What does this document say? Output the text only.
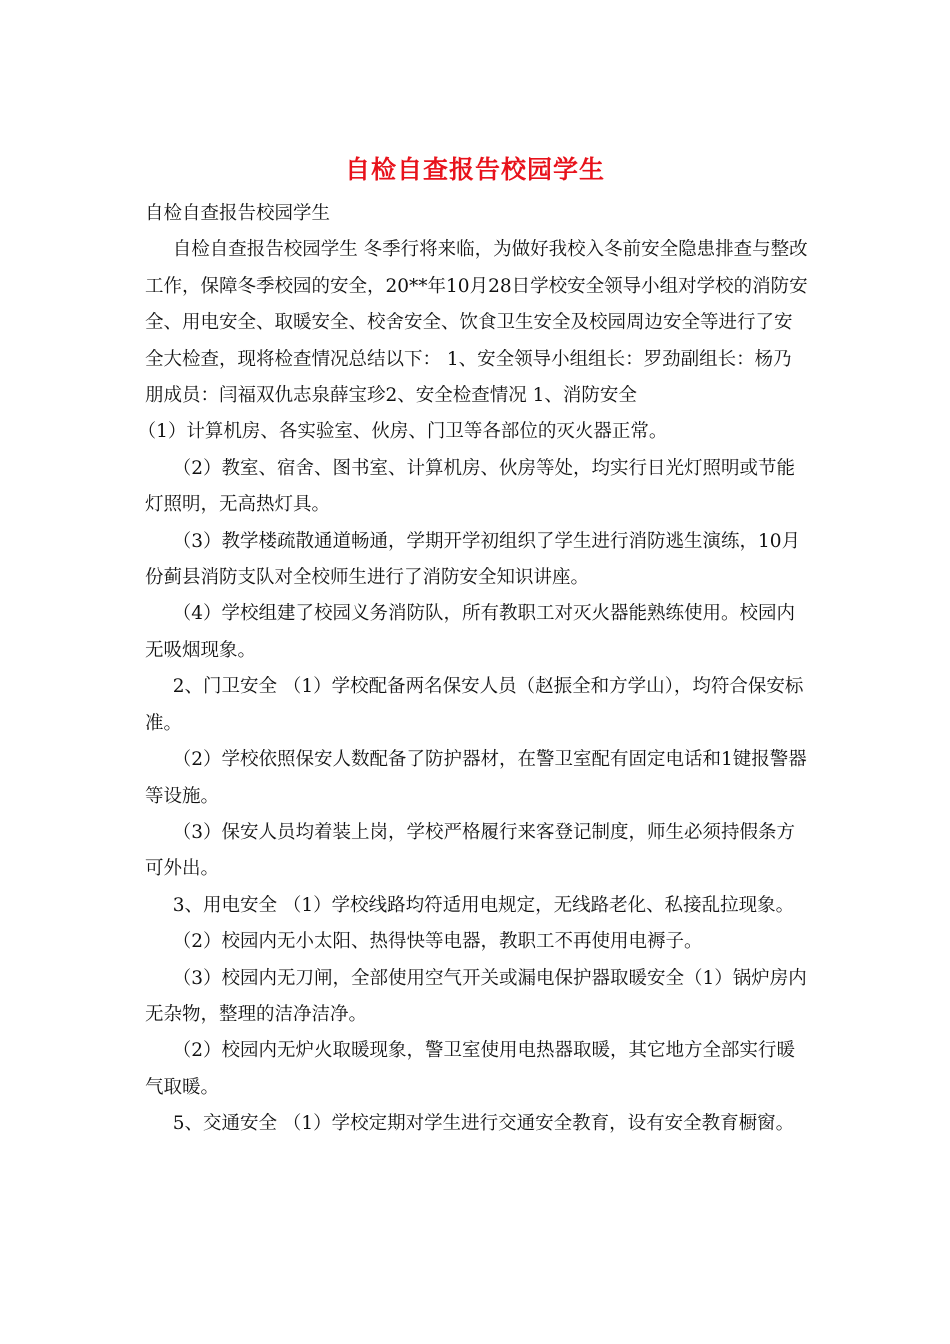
自检自查报告校园学生

自检自查报告校园学生

自检自查报告校园学生 冬季行将来临，为做好我校入冬前安全隐患排查与整改工作，保障冬季校园的安全，20**年10月28日学校安全领导小组对学校的消防安全、用电安全、取暖安全、校舍安全、饮食卫生安全及校园周边安全等进行了安全大检查，现将检查情况总结以下： 1、安全领导小组组长：罗劲副组长：杨乃朋成员：闫福双仇志泉薛宝珍2、安全检查情况 1、消防安全

（1）计算机房、各实验室、伙房、门卫等各部位的灭火器正常。

（2）教室、宿舍、图书室、计算机房、伙房等处，均实行日光灯照明或节能灯照明，无高热灯具。

（3）教学楼疏散通道畅通，学期开学初组织了学生进行消防逃生演练，10月份蓟县消防支队对全校师生进行了消防安全知识讲座。

（4）学校组建了校园义务消防队，所有教职工对灭火器能熟练使用。校园内无吸烟现象。

2、门卫安全 （1）学校配备两名保安人员（赵振全和方学山），均符合保安标准。

（2）学校依照保安人数配备了防护器材，在警卫室配有固定电话和1键报警器等设施。

（3）保安人员均着装上岗，学校严格履行来客登记制度，师生必须持假条方可外出。

3、用电安全 （1）学校线路均符适用电规定，无线路老化、私接乱拉现象。

（2）校园内无小太阳、热得快等电器，教职工不再使用电褥子。

（3）校园内无刀闸，全部使用空气开关或漏电保护器取暖安全（1）锅炉房内无杂物，整理的洁净洁净。

（2）校园内无炉火取暖现象，警卫室使用电热器取暖，其它地方全部实行暖气取暖。

5、交通安全 （1）学校定期对学生进行交通安全教育，设有安全教育橱窗。
